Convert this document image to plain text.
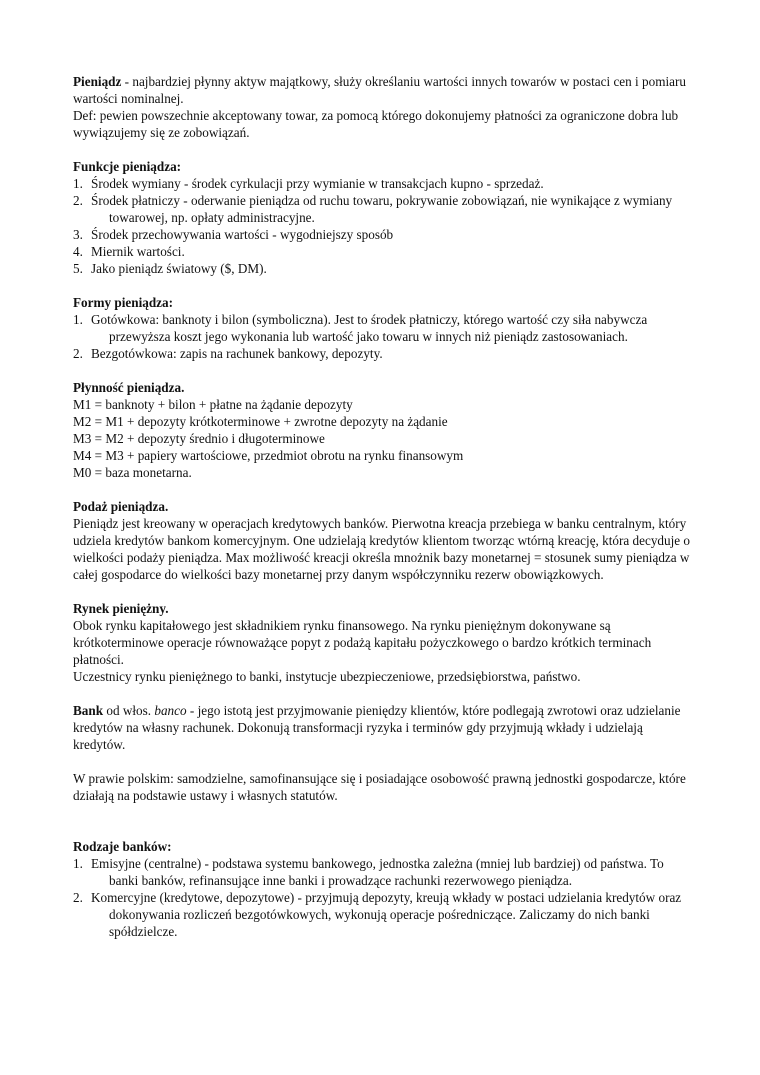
Pieniądz - najbardziej płynny aktyw majątkowy, służy określaniu wartości innych towarów w postaci cen i pomiaru wartości nominalnej.

Def: pewien powszechnie akceptowany towar, za pomocą którego dokonujemy płatności za ograniczone dobra lub wywiązujemy się ze zobowiązań.

Funkcje pieniądza:

1. Środek wymiany - środek cyrkulacji przy wymianie w transakcjach kupno - sprzedaż.
2. Środek płatniczy - oderwanie pieniądza od ruchu towaru, pokrywanie zobowiązań, nie wynikające z wymiany towarowej, np. opłaty administracyjne.
3. Środek przechowywania wartości - wygodniejszy sposób
4. Miernik wartości.
5. Jako pieniądz światowy ($, DM).

Formy pieniądza:

1. Gotówkowa: banknoty i bilon (symboliczna). Jest to środek płatniczy, którego wartość czy siła nabywcza przewyższa koszt jego wykonania lub wartość jako towaru w innych niż pieniądz zastosowaniach.
2. Bezgotówkowa: zapis na rachunek bankowy, depozyty.

Płynność pieniądza.

M1 = banknoty + bilon + płatne na żądanie depozyty

M2 = M1 + depozyty krótkoterminowe + zwrotne depozyty na żądanie

M3 = M2 + depozyty średnio i długoterminowe

M4 = M3 + papiery wartościowe, przedmiot obrotu na rynku finansowym

M0 = baza monetarna.

Podaż pieniądza.

Pieniądz jest kreowany w operacjach kredytowych banków. Pierwotna kreacja przebiega w banku centralnym, który udziela kredytów bankom komercyjnym. One udzielają kredytów klientom tworząc wtórną kreację, która decyduje o wielkości podaży pieniądza. Max możliwość kreacji określa mnożnik bazy monetarnej = stosunek sumy pieniądza w całej gospodarce do wielkości bazy monetarnej przy danym współczynniku rezerw obowiązkowych.

Rynek pieniężny.

Obok rynku kapitałowego jest składnikiem rynku finansowego. Na rynku pieniężnym dokonywane są krótkoterminowe operacje równoważące popyt z podażą kapitału pożyczkowego o bardzo krótkich terminach płatności.

Uczestnicy rynku pieniężnego to banki, instytucje ubezpieczeniowe, przedsiębiorstwa, państwo.

Bank od włos. banco - jego istotą jest przyjmowanie pieniędzy klientów, które podlegają zwrotowi oraz udzielanie kredytów na własny rachunek. Dokonują transformacji ryzyka i terminów gdy przyjmują wkłady i udzielają kredytów.

W prawie polskim: samodzielne, samofinansujące się i posiadające osobowość prawną jednostki gospodarcze, które działają na podstawie ustawy i własnych statutów.

Rodzaje banków:

1. Emisyjne (centralne) - podstawa systemu bankowego, jednostka zależna (mniej lub bardziej) od państwa. To banki banków, refinansujące inne banki i prowadzące rachunki rezerwowego pieniądza.
2. Komercyjne (kredytowe, depozytowe) - przyjmują depozyty, kreują wkłady w postaci udzielania kredytów oraz dokonywania rozliczeń bezgotówkowych, wykonują operacje pośredniczące. Zaliczamy do nich banki spółdzielcze.
